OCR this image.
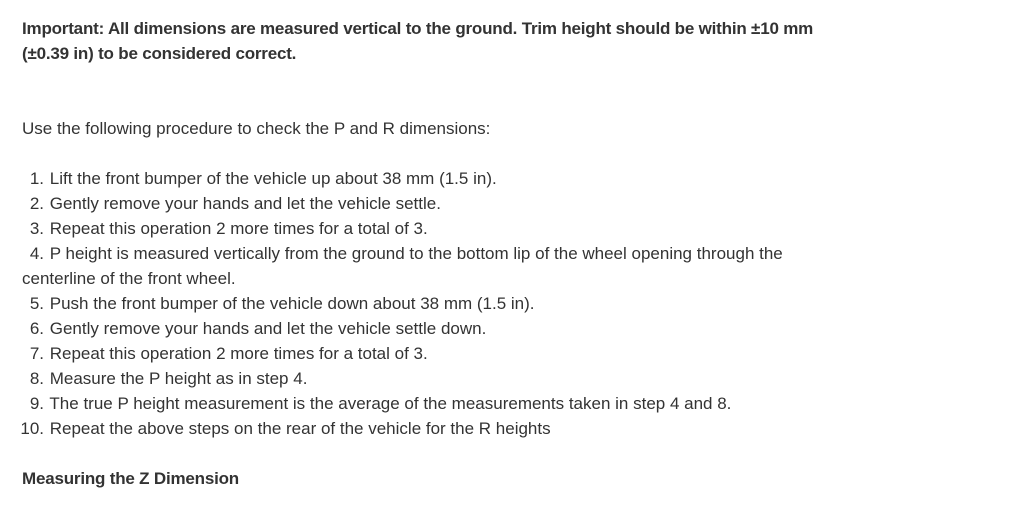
Important: All dimensions are measured vertical to the ground. Trim height should be within ±10 mm (±0.39 in) to be considered correct.

Use the following procedure to check the P and R dimensions:

1. Lift the front bumper of the vehicle up about 38 mm (1.5 in).
2. Gently remove your hands and let the vehicle settle.
3. Repeat this operation 2 more times for a total of 3.
4. P height is measured vertically from the ground to the bottom lip of the wheel opening through the centerline of the front wheel.
5. Push the front bumper of the vehicle down about 38 mm (1.5 in).
6. Gently remove your hands and let the vehicle settle down.
7. Repeat this operation 2 more times for a total of 3.
8. Measure the P height as in step 4.
9. The true P height measurement is the average of the measurements taken in step 4 and 8.
10. Repeat the above steps on the rear of the vehicle for the R heights

Measuring the Z Dimension
